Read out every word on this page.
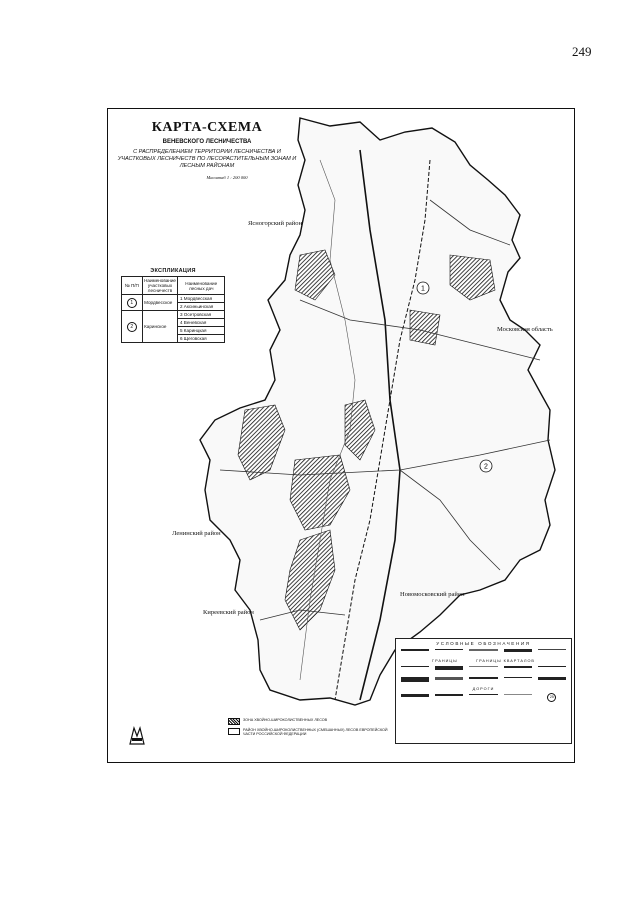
249
1
2
КАРТА-СХЕМА
ВЕНЕВСКОГО ЛЕСНИЧЕСТВА
С РАСПРЕДЕЛЕНИЕМ ТЕРРИТОРИИ ЛЕСНИЧЕСТВА И УЧАСТКОВЫХ ЛЕСНИЧЕСТВ ПО ЛЕСОРАСТИТЕЛЬНЫМ ЗОНАМ И ЛЕСНЫМ РАЙОНАМ
Масштаб 1 : 200 000
Ясногорский район
Московская область
Ленинский район
Киреевский район
Новомосковский район
ЭКСПЛИКАЦИЯ
№ П/П	Наименование участковых лесничеств	Наименование лесных дач
1	Мордвесское	1 Мордвесская
		2 Аксиньинская
2	Каринское	3 Осетровская
		4 Веневская
		5 Каринцкая
		6 Щеговская
УСЛОВНЫЕ ОБОЗНАЧЕНИЯ
ГРАНИЦЫ	ГРАНИЦЫ КВАРТАЛОВ
ДОРОГИ
25
ЗОНА ХВОЙНО-ШИРОКОЛИСТВЕННЫХ ЛЕСОВ
РАЙОН ХВОЙНО-ШИРОКОЛИСТВЕННЫХ (СМЕШАННЫХ) ЛЕСОВ ЕВРОПЕЙСКОЙ ЧАСТИ РОССИЙСКОЙ ФЕДЕРАЦИИ
